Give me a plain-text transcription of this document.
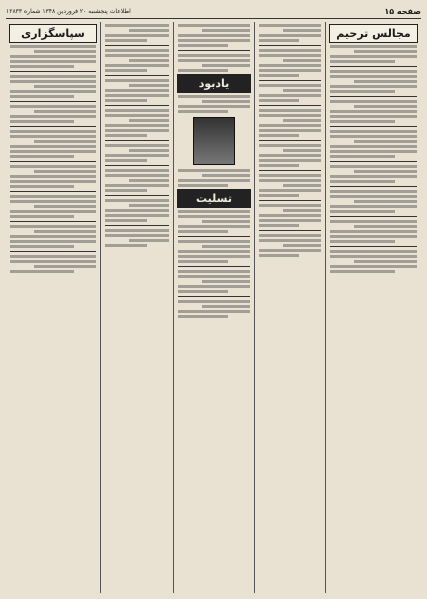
صفحه ۱۵
اطلاعات پنجشنبه ۲۰ فروردین ۱۳۴۸ شماره ۱۲۸۳۳
مجالس ترحیم
یادبود
تسلیت
سپاسگزاری
